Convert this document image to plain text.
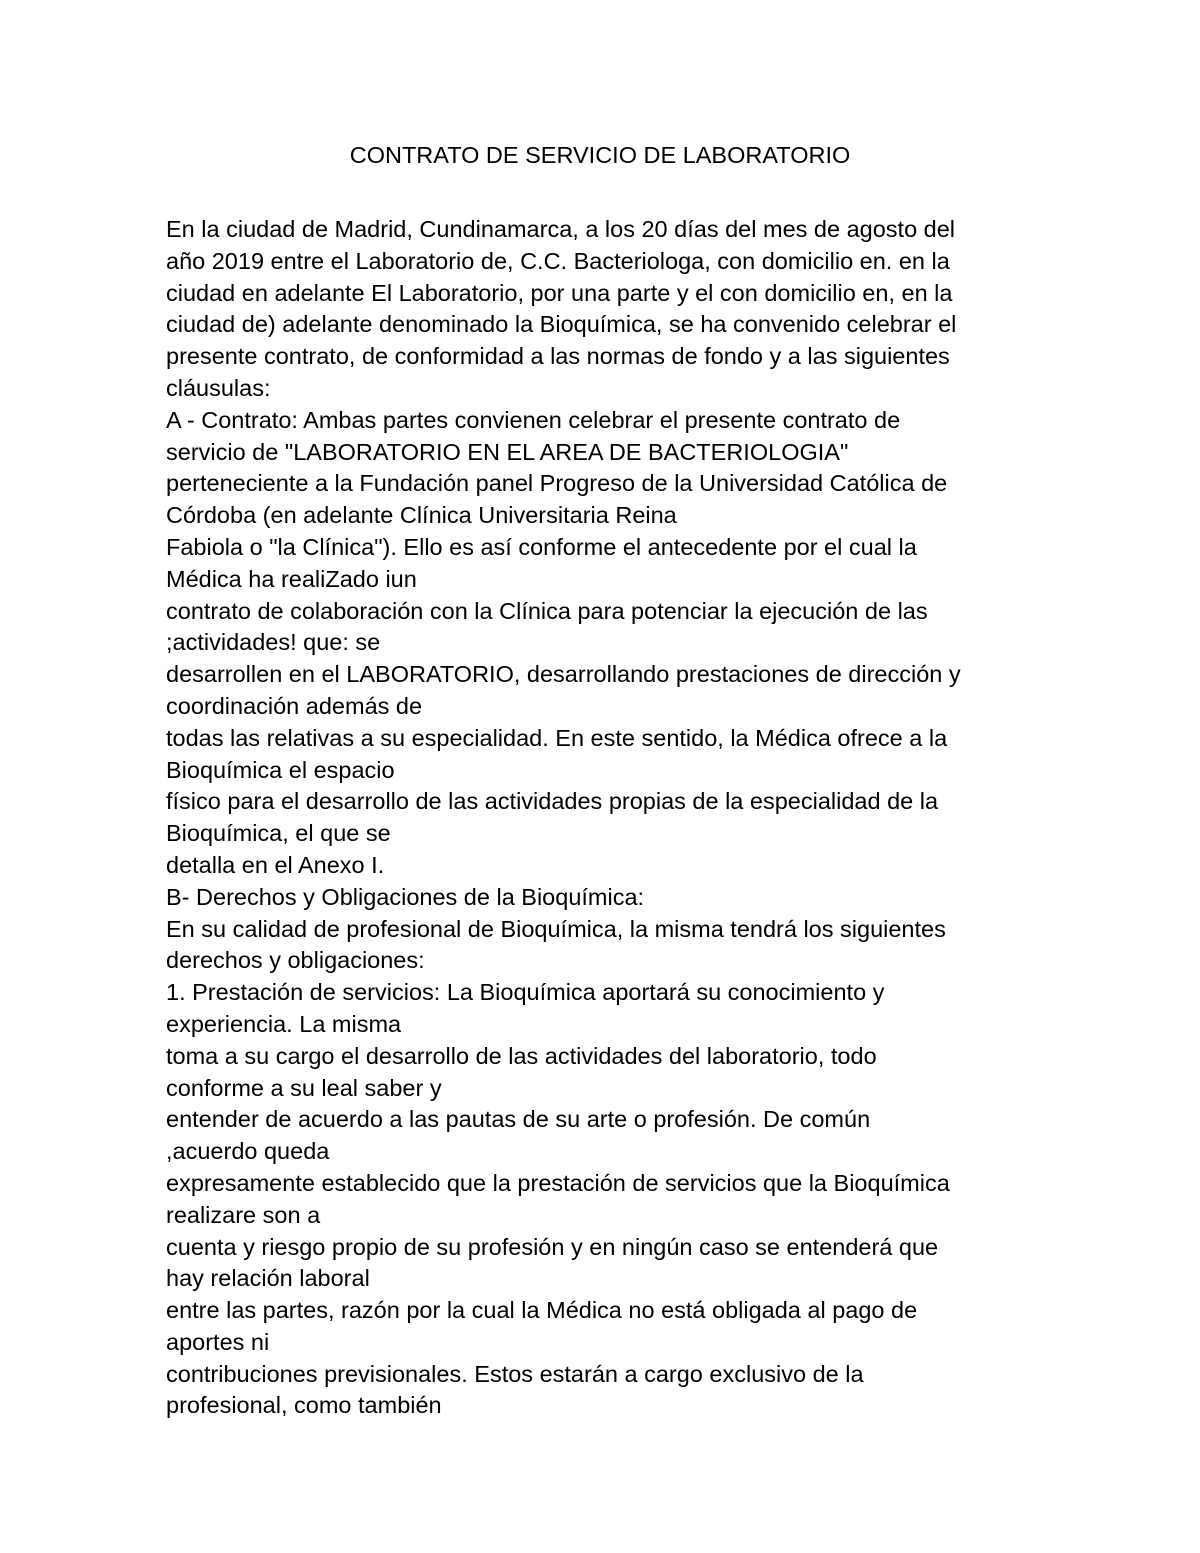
CONTRATO DE SERVICIO DE LABORATORIO
En la ciudad de Madrid, Cundinamarca, a los 20 días del mes de agosto del
año 2019 entre el Laboratorio de, C.C. Bacteriologa, con domicilio en. en la
ciudad en adelante El Laboratorio, por una parte y el con domicilio en, en la
ciudad de) adelante denominado la Bioquímica, se ha convenido celebrar el
presente contrato, de conformidad a las normas de fondo y a las siguientes
cláusulas:
A - Contrato: Ambas partes convienen celebrar el presente contrato de
servicio de "LABORATORIO EN EL AREA DE BACTERIOLOGIA"
perteneciente a la Fundación panel Progreso de la Universidad Católica de
Córdoba (en adelante Clínica Universitaria Reina
Fabiola o "la Clínica"). Ello es así conforme el antecedente por el cual la
Médica ha realiZado iun
contrato de colaboración con la Clínica para potenciar la ejecución de las
;actividades! que: se
desarrollen en el LABORATORIO, desarrollando prestaciones de dirección y
coordinación además de
todas las relativas a su especialidad. En este sentido, la Médica ofrece a la
Bioquímica el espacio
físico para el desarrollo de las actividades propias de la especialidad de la
Bioquímica, el que se
detalla en el Anexo I.
B- Derechos y Obligaciones de la Bioquímica:
En su calidad de profesional de Bioquímica, la misma tendrá los siguientes
derechos y obligaciones:
1. Prestación de servicios: La Bioquímica aportará su conocimiento y
experiencia. La misma
toma a su cargo el desarrollo de las actividades del laboratorio, todo
conforme a su leal saber y
entender de acuerdo a las pautas de su arte o profesión. De común
,acuerdo queda
expresamente establecido que la prestación de servicios que la Bioquímica
realizare son a
cuenta y riesgo propio de su profesión y en ningún caso se entenderá que
hay relación laboral
entre las partes, razón por la cual la Médica no está obligada al pago de
aportes ni
contribuciones previsionales. Estos estarán a cargo exclusivo de la
profesional, como también
